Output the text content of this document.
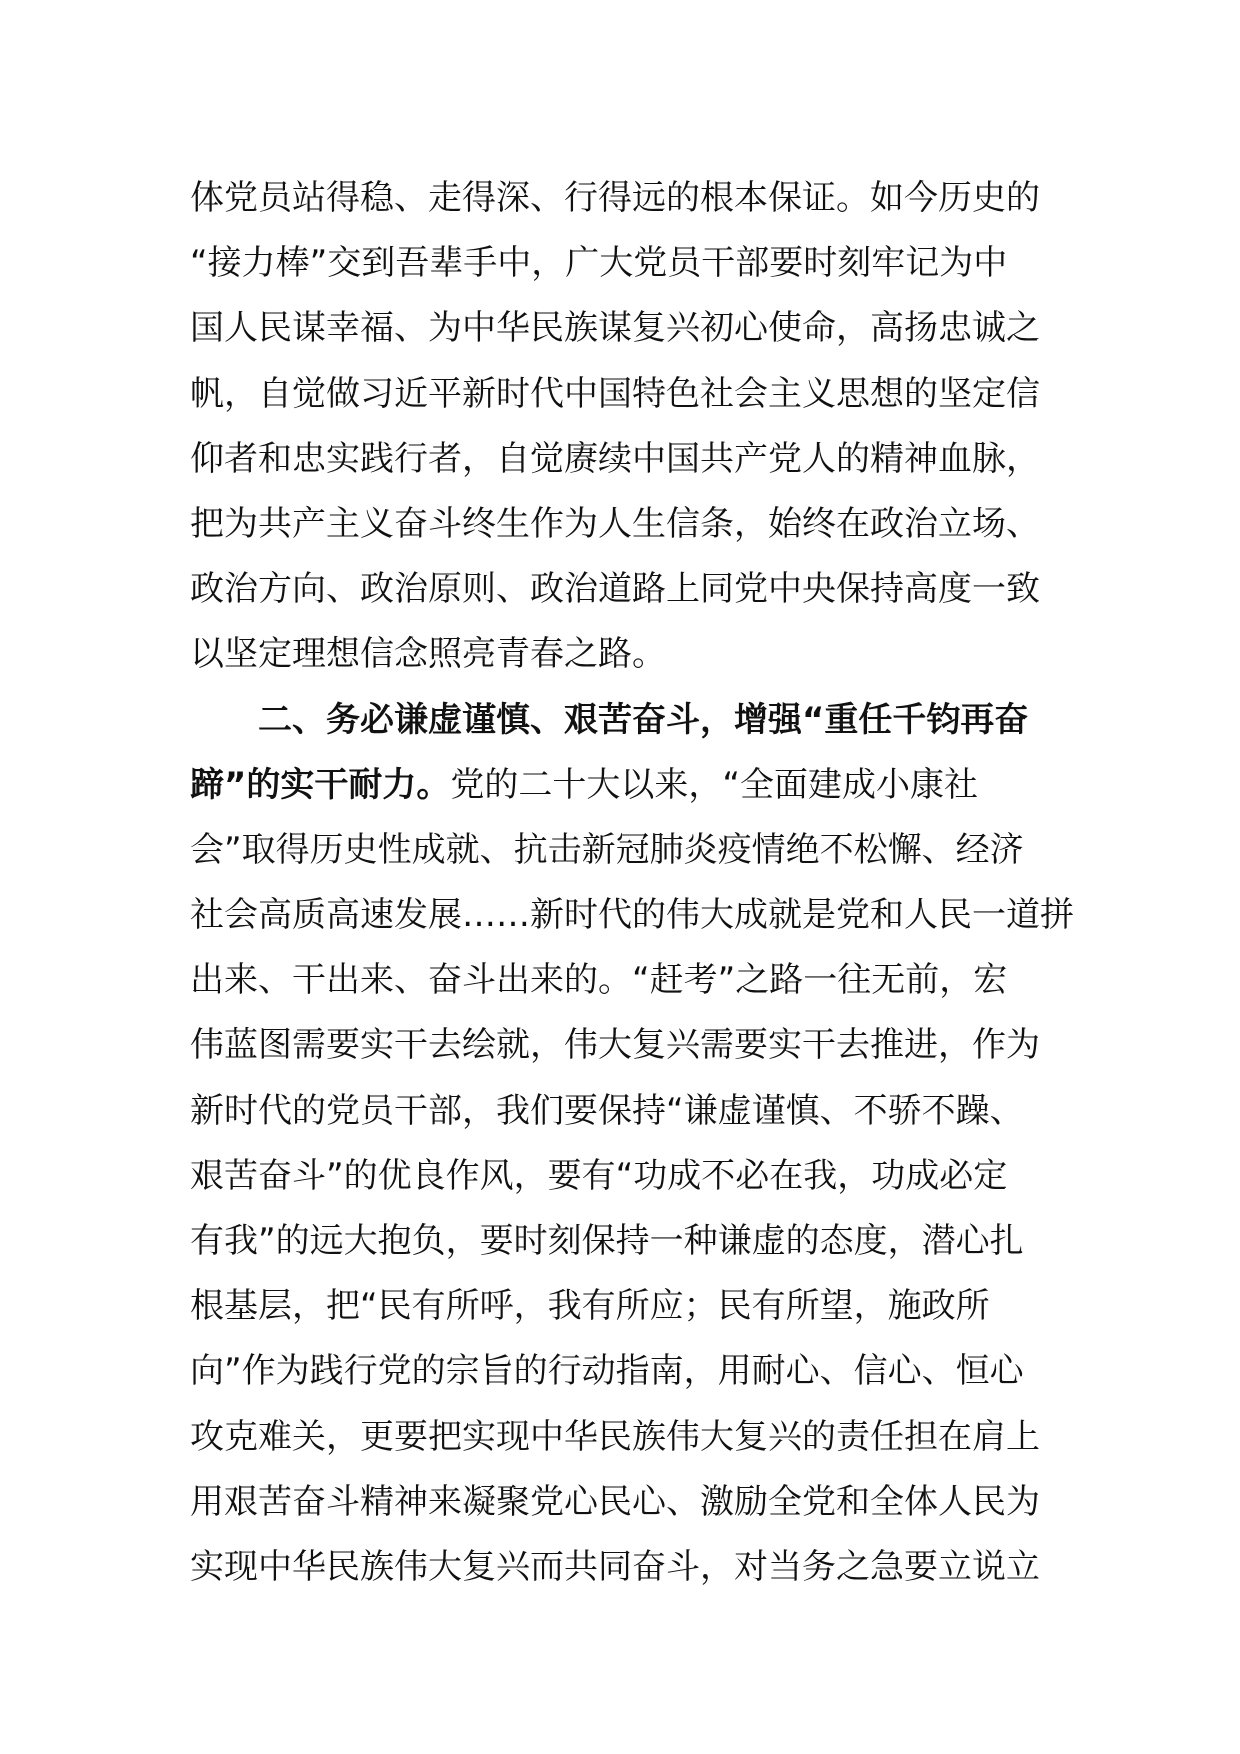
体党员站得稳、走得深、行得远的根本保证。如今历史的
“接力棒”交到吾辈手中，广大党员干部要时刻牢记为中
国人民谋幸福、为中华民族谋复兴初心使命，高扬忠诚之
帆，自觉做习近平新时代中国特色社会主义思想的坚定信
仰者和忠实践行者，自觉赓续中国共产党人的精神血脉，
把为共产主义奋斗终生作为人生信条，始终在政治立场、
政治方向、政治原则、政治道路上同党中央保持高度一致
以坚定理想信念照亮青春之路。
二、务必谦虚谨慎、艰苦奋斗，增强“重任千钧再奋
蹄”的实干耐力。党的二十大以来，“全面建成小康社
会”取得历史性成就、抗击新冠肺炎疫情绝不松懈、经济
社会高质高速发展……新时代的伟大成就是党和人民一道拼
出来、干出来、奋斗出来的。“赶考”之路一往无前，宏
伟蓝图需要实干去绘就，伟大复兴需要实干去推进，作为
新时代的党员干部，我们要保持“谦虚谨慎、不骄不躁、
艰苦奋斗”的优良作风，要有“功成不必在我，功成必定
有我”的远大抱负，要时刻保持一种谦虚的态度，潜心扎
根基层，把“民有所呼，我有所应；民有所望，施政所
向”作为践行党的宗旨的行动指南，用耐心、信心、恒心
攻克难关，更要把实现中华民族伟大复兴的责任担在肩上
用艰苦奋斗精神来凝聚党心民心、激励全党和全体人民为
实现中华民族伟大复兴而共同奋斗，对当务之急要立说立
